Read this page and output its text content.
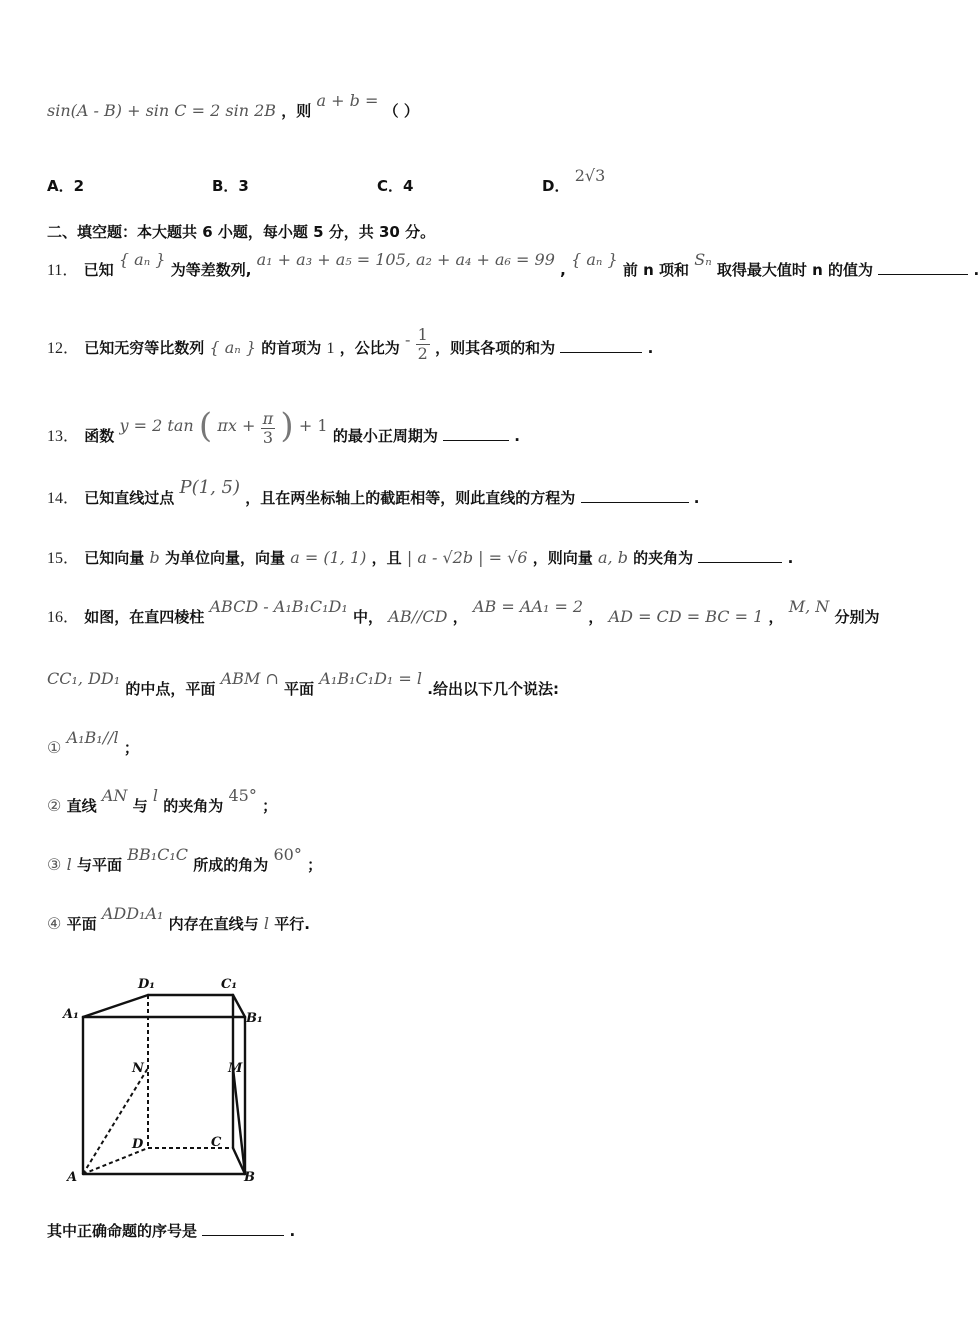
sin(A - B) + sin C = 2 sin 2B ，则 a + b = （ ）
A．2	B．3	C．4	D． 2√3
二、填空题：本大题共 6 小题，每小题 5 分，共 30 分。
11． 已知 { aₙ } 为等差数列, a₁ + a₃ + a₅ = 105, a₂ + a₄ + a₆ = 99 , { aₙ } 前 n 项和 Sₙ 取得最大值时 n 的值为	.
12． 已知无穷等比数列 { aₙ } 的首项为 1 ，公比为 - $\frac{1}{2}$ ，则其各项的和为	.
13． 函数 y = 2 tan ( $\pi x + \frac{\pi}{3}$ ) + 1 的最小正周期为	.
14． 已知直线过点 P(1, 5) ，且在两坐标轴上的截距相等，则此直线的方程为	.
15． 已知向量 b 为单位向量，向量 a = (1, 1) ，且 | a - √2b | = √6 ，则向量 a, b 的夹角为	.
16． 如图，在直四棱柱 ABCD - A₁B₁C₁D₁ 中， AB//CD ， AB = AA₁ = 2 ， AD = CD = BC = 1 ， M, N 分别为
CC₁, DD₁ 的中点，平面 ABM ∩ 平面 A₁B₁C₁D₁ = l .给出以下几个说法:
① A₁B₁//l ；
② 直线 AN 与 l 的夹角为 45° ；
③ l 与平面 BB₁C₁C 所成的角为 60° ；
④ 平面 ADD₁A₁ 内存在直线与 l 平行.
D₁	C₁
A₁	B₁
N	M
D	C
A	B
其中正确命题的序号是	.
